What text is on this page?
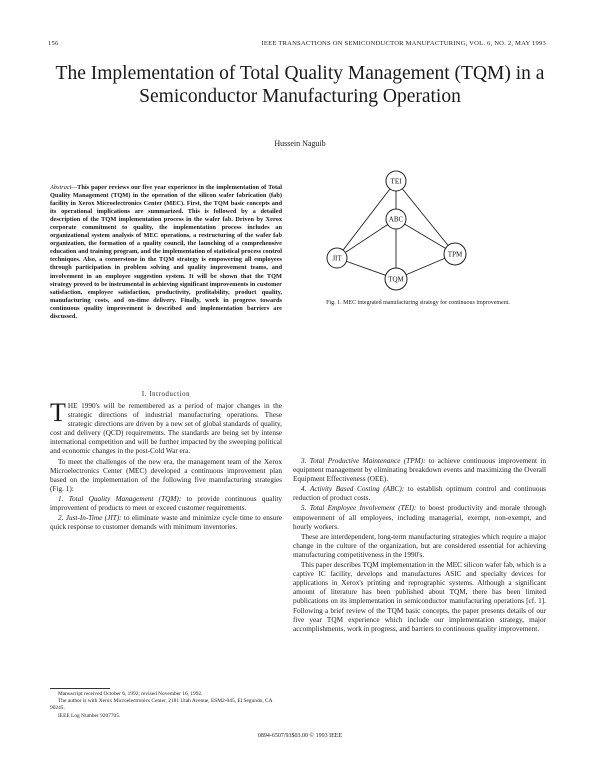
156	IEEE TRANSACTIONS ON SEMICONDUCTOR MANUFACTURING, VOL. 6, NO. 2, MAY 1993
The Implementation of Total Quality Management (TQM) in a Semiconductor Manufacturing Operation
Hussein Naguib
Abstract—This paper reviews our five year experience in the implementation of Total Quality Management (TQM) in the operation of the silicon wafer fabrication (fab) facility in Xerox Microelectronics Center (MEC). First, the TQM basic concepts and its operational implications are summarized. This is followed by a detailed description of the TQM implementation process in the wafer fab. Driven by Xerox corporate commitment to quality, the implementation process includes an organizational system analysis of MEC operations, a restructuring of the wafer fab organization, the formation of a quality council, the launching of a comprehensive education and training program, and the implementation of statistical process control techniques. Also, a cornerstone in the TQM strategy is empowering all employees through participation in problem solving and quality improvement teams, and involvement in an employee suggestion system. It will be shown that the TQM strategy proved to be instrumental in achieving significant improvements in customer satisfaction, employee satisfaction, productivity, profitability, product quality, manufacturing costs, and on-time delivery. Finally, work in progress towards continuous quality improvement is described and implementation barriers are discussed.
I. Introduction

THE 1990's will be remembered as a period of major changes in the strategic directions of industrial manufacturing operations. These strategic directions are driven by a new set of global standards of quality, cost and delivery (QCD) requirements. The standards are being set by intense international competition and will be further impacted by the sweeping political and economic changes in the post-Cold War era.

To meet the challenges of the new era, the management team of the Xerox Microelectronics Center (MEC) developed a continuous improvement plan based on the implementation of the following five manufacturing strategies (Fig. 1):

1. Total Quality Management (TQM): to provide continuous quality improvement of products to meet or exceed customer requirements.

2. Just-In-Time (JIT): to eliminate waste and minimize cycle time to ensure quick response to customer demands with minimum inventories.

Manuscript received October 6, 1992; revised November 16, 1992.
The author is with Xerox Microelectronics Center, 2181 Utah Avenue, ESM2-045, El Segundo, CA 90245.
IEEE Log Number 9207705.
0894-6507/93$03.00 © 1993 IEEE
TEI
ABC
JIT	TPM
TQM
Fig. 1. MEC integrated manufacturing strategy for continuous improvement.

3. Total Productive Maintenance (TPM): to achieve continuous improvement in equipment management by eliminating breakdown events and maximizing the Overall Equipment Effectiveness (OEE).

4. Activity Based Costing (ABC): to establish optimum control and continuous reduction of product costs.

5. Total Employee Involvement (TEI): to boost productivity and morale through empowerment of all employees, including managerial, exempt, non-exempt, and hourly workers.

These are interdependent, long-term manufacturing strategies which require a major change in the culture of the organization, but are considered essential for achieving manufacturing competitiveness in the 1990's.

This paper describes TQM implementation in the MEC silicon wafer fab, which is a captive IC facility, develops and manufactures ASIC and specialty devices for applications in Xerox's printing and reprographic systems. Although a significant amount of literature has been published about TQM, there has been limited publications on its implementation in semiconductor manufacturing operations [cf. 1]. Following a brief review of the TQM basic concepts, the paper presents details of our five year TQM experience which include our implementation strategy, major accomplishments, work in progress, and barriers to continuous quality improvement.
